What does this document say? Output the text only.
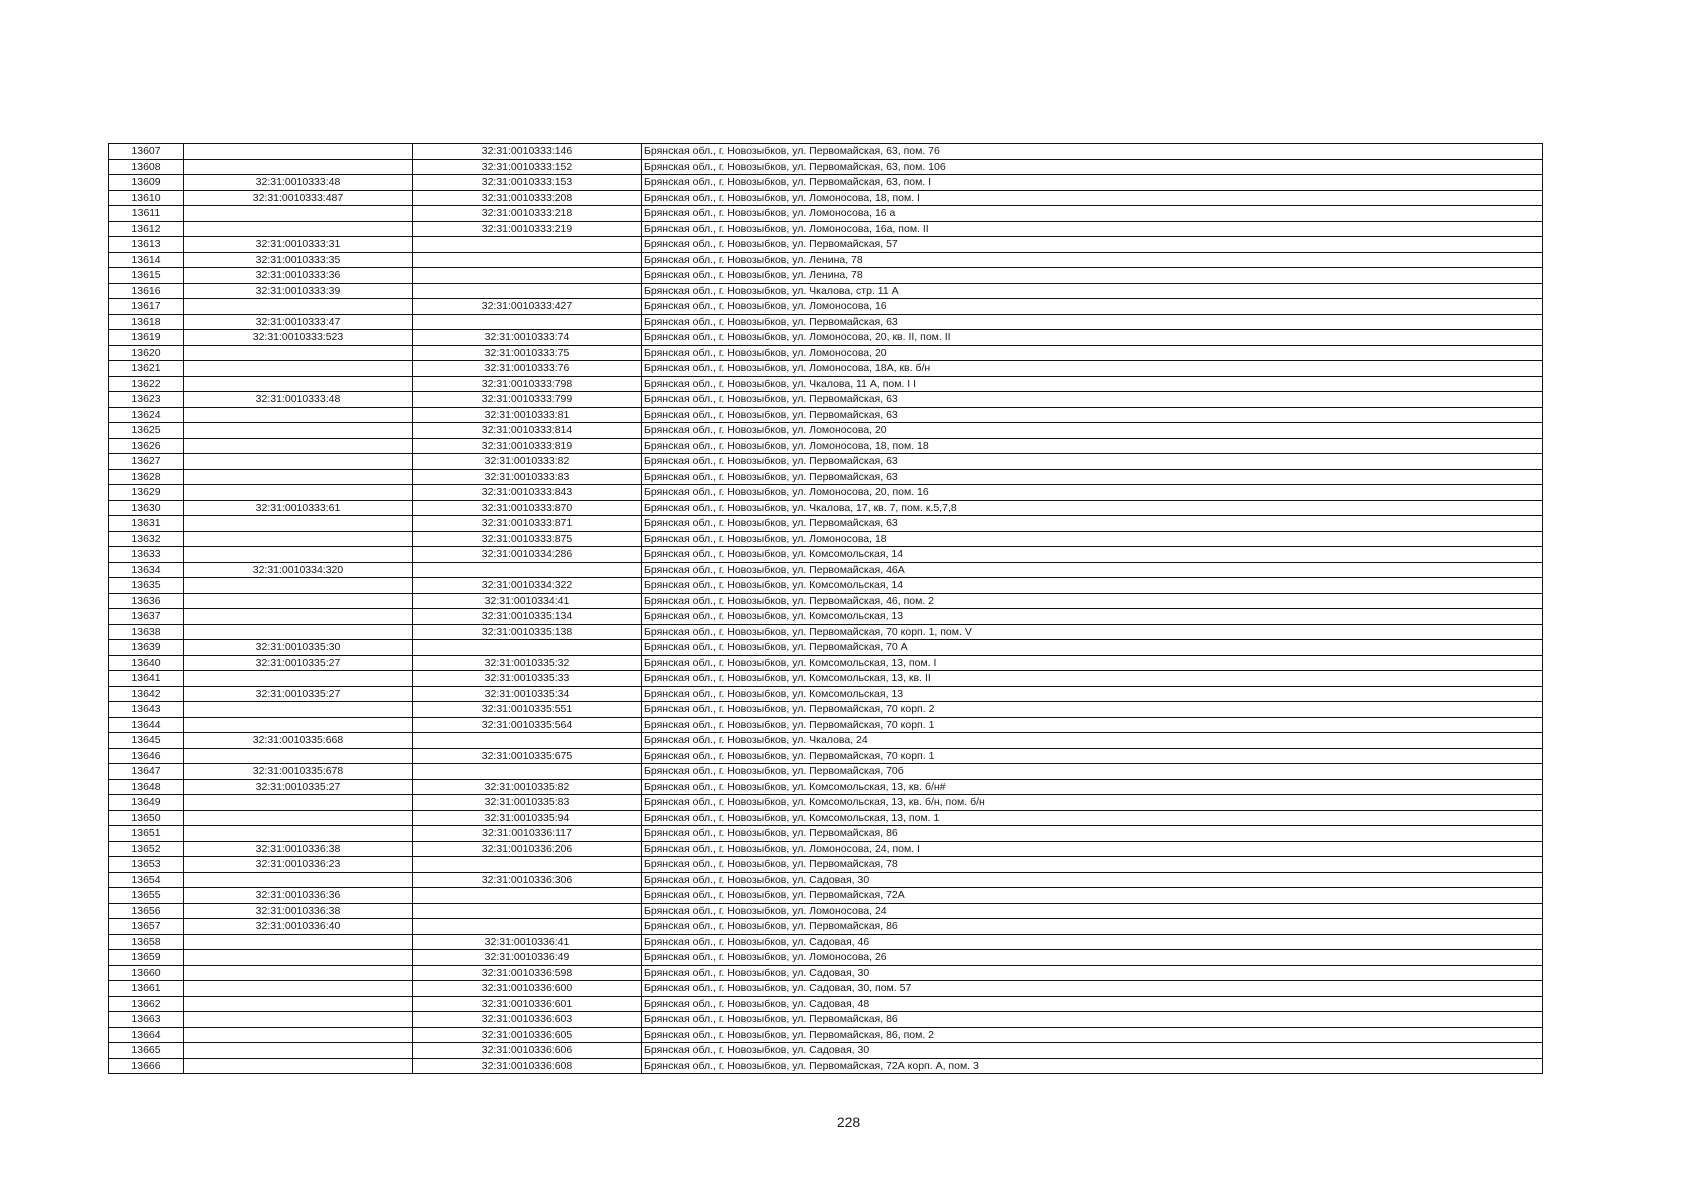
13607		32:31:0010333:146	Брянская обл., г. Новозыбков, ул. Первомайская, 63, пом. 76
13608		32:31:0010333:152	Брянская обл., г. Новозыбков, ул. Первомайская, 63, пом. 106
13609	32:31:0010333:48	32:31:0010333:153	Брянская обл., г. Новозыбков, ул. Первомайская, 63, пом. I
13610	32:31:0010333:487	32:31:0010333:208	Брянская обл., г. Новозыбков, ул. Ломоносова, 18, пом. I
13611		32:31:0010333:218	Брянская обл., г. Новозыбков, ул. Ломоносова, 16 а
13612		32:31:0010333:219	Брянская обл., г. Новозыбков, ул. Ломоносова, 16а, пом. II
13613	32:31:0010333:31		Брянская обл., г. Новозыбков, ул. Первомайская, 57
13614	32:31:0010333:35		Брянская обл., г. Новозыбков, ул. Ленина, 78
13615	32:31:0010333:36		Брянская обл., г. Новозыбков, ул. Ленина, 78
13616	32:31:0010333:39		Брянская обл., г. Новозыбков, ул. Чкалова, стр. 11 А
13617		32:31:0010333:427	Брянская обл., г. Новозыбков, ул. Ломоносова, 16
13618	32:31:0010333:47		Брянская обл., г. Новозыбков, ул. Первомайская, 63
13619	32:31:0010333:523	32:31:0010333:74	Брянская обл., г. Новозыбков, ул. Ломоносова, 20, кв. II, пом. II
13620		32:31:0010333:75	Брянская обл., г. Новозыбков, ул. Ломоносова, 20
13621		32:31:0010333:76	Брянская обл., г. Новозыбков, ул. Ломоносова, 18А, кв. б/н
13622		32:31:0010333:798	Брянская обл., г. Новозыбков, ул. Чкалова, 11 А, пом. I I
13623	32:31:0010333:48	32:31:0010333:799	Брянская обл., г. Новозыбков, ул. Первомайская, 63
13624		32:31:0010333:81	Брянская обл., г. Новозыбков, ул. Первомайская, 63
13625		32:31:0010333:814	Брянская обл., г. Новозыбков, ул. Ломоносова, 20
13626		32:31:0010333:819	Брянская обл., г. Новозыбков, ул. Ломоносова, 18, пом. 18
13627		32:31:0010333:82	Брянская обл., г. Новозыбков, ул. Первомайская, 63
13628		32:31:0010333:83	Брянская обл., г. Новозыбков, ул. Первомайская, 63
13629		32:31:0010333:843	Брянская обл., г. Новозыбков, ул. Ломоносова, 20, пом. 16
13630	32:31:0010333:61	32:31:0010333:870	Брянская обл., г. Новозыбков, ул. Чкалова, 17, кв. 7, пом. к.5,7,8
13631		32:31:0010333:871	Брянская обл., г. Новозыбков, ул. Первомайская, 63
13632		32:31:0010333:875	Брянская обл., г. Новозыбков, ул. Ломоносова, 18
13633		32:31:0010334:286	Брянская обл., г. Новозыбков, ул. Комсомольская, 14
13634	32:31:0010334:320		Брянская обл., г. Новозыбков, ул. Первомайская, 46А
13635		32:31:0010334:322	Брянская обл., г. Новозыбков, ул. Комсомольская, 14
13636		32:31:0010334:41	Брянская обл., г. Новозыбков, ул. Первомайская, 46, пом. 2
13637		32:31:0010335:134	Брянская обл., г. Новозыбков, ул. Комсомольская, 13
13638		32:31:0010335:138	Брянская обл., г. Новозыбков, ул. Первомайская, 70 корп. 1, пом. V
13639	32:31:0010335:30		Брянская обл., г. Новозыбков, ул. Первомайская, 70 А
13640	32:31:0010335:27	32:31:0010335:32	Брянская обл., г. Новозыбков, ул. Комсомольская, 13, пом. I
13641		32:31:0010335:33	Брянская обл., г. Новозыбков, ул. Комсомольская, 13, кв. II
13642	32:31:0010335:27	32:31:0010335:34	Брянская обл., г. Новозыбков, ул. Комсомольская, 13
13643		32:31:0010335:551	Брянская обл., г. Новозыбков, ул. Первомайская, 70 корп. 2
13644		32:31:0010335:564	Брянская обл., г. Новозыбков, ул. Первомайская, 70 корп. 1
13645	32:31:0010335:668		Брянская обл., г. Новозыбков, ул. Чкалова, 24
13646		32:31:0010335:675	Брянская обл., г. Новозыбков, ул. Первомайская, 70 корп. 1
13647	32:31:0010335:678		Брянская обл., г. Новозыбков, ул. Первомайская, 70б
13648	32:31:0010335:27	32:31:0010335:82	Брянская обл., г. Новозыбков, ул. Комсомольская, 13, кв. б/н#
13649		32:31:0010335:83	Брянская обл., г. Новозыбков, ул. Комсомольская, 13, кв. б/н, пом. б/н
13650		32:31:0010335:94	Брянская обл., г. Новозыбков, ул. Комсомольская, 13, пом. 1
13651		32:31:0010336:117	Брянская обл., г. Новозыбков, ул. Первомайская, 86
13652	32:31:0010336:38	32:31:0010336:206	Брянская обл., г. Новозыбков, ул. Ломоносова, 24, пом. I
13653	32:31:0010336:23		Брянская обл., г. Новозыбков, ул. Первомайская, 78
13654		32:31:0010336:306	Брянская обл., г. Новозыбков, ул. Садовая, 30
13655	32:31:0010336:36		Брянская обл., г. Новозыбков, ул. Первомайская, 72А
13656	32:31:0010336:38		Брянская обл., г. Новозыбков, ул. Ломоносова, 24
13657	32:31:0010336:40		Брянская обл., г. Новозыбков, ул. Первомайская, 86
13658		32:31:0010336:41	Брянская обл., г. Новозыбков, ул. Садовая, 46
13659		32:31:0010336:49	Брянская обл., г. Новозыбков, ул. Ломоносова, 26
13660		32:31:0010336:598	Брянская обл., г. Новозыбков, ул. Садовая, 30
13661		32:31:0010336:600	Брянская обл., г. Новозыбков, ул. Садовая, 30, пом. 57
13662		32:31:0010336:601	Брянская обл., г. Новозыбков, ул. Садовая, 48
13663		32:31:0010336:603	Брянская обл., г. Новозыбков, ул. Первомайская, 86
13664		32:31:0010336:605	Брянская обл., г. Новозыбков, ул. Первомайская, 86, пом. 2
13665		32:31:0010336:606	Брянская обл., г. Новозыбков, ул. Садовая, 30
13666		32:31:0010336:608	Брянская обл., г. Новозыбков, ул. Первомайская, 72А корп. А, пом. 3
228
